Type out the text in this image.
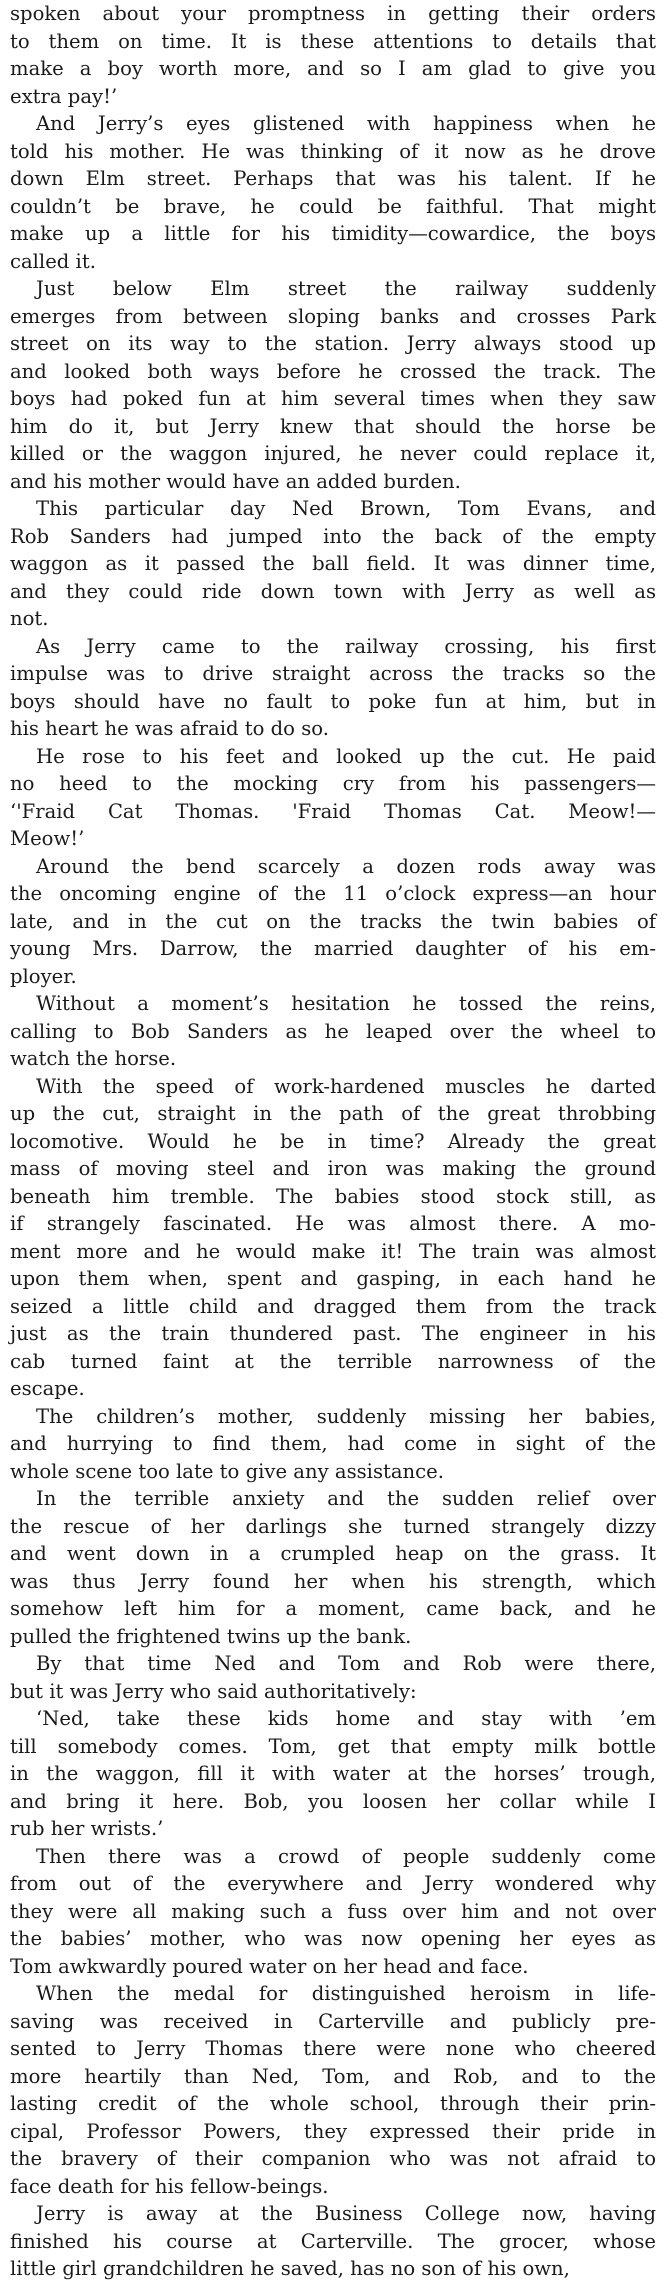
spoken about your promptness in getting their orders
to them on time. It is these attentions to details that
make a boy worth more, and so I am glad to give you
extra pay!’
And Jerry’s eyes glistened with happiness when he
told his mother. He was thinking of it now as he drove
down Elm street. Perhaps that was his talent. If he
couldn’t be brave, he could be faithful. That might
make up a little for his timidity—cowardice, the boys
called it.
Just below Elm street the railway suddenly
emerges from between sloping banks and crosses Park
street on its way to the station. Jerry always stood up
and looked both ways before he crossed the track. The
boys had poked fun at him several times when they saw
him do it, but Jerry knew that should the horse be
killed or the waggon injured, he never could replace it,
and his mother would have an added burden.
This particular day Ned Brown, Tom Evans, and
Rob Sanders had jumped into the back of the empty
waggon as it passed the ball field. It was dinner time,
and they could ride down town with Jerry as well as
not.
As Jerry came to the railway crossing, his first
impulse was to drive straight across the tracks so the
boys should have no fault to poke fun at him, but in
his heart he was afraid to do so.
He rose to his feet and looked up the cut. He paid
no heed to the mocking cry from his passengers—
‘'Fraid Cat Thomas. 'Fraid Thomas Cat. Meow!—
Meow!’
Around the bend scarcely a dozen rods away was
the oncoming engine of the 11 o’clock express—an hour
late, and in the cut on the tracks the twin babies of
young Mrs. Darrow, the married daughter of his em-
ployer.
Without a moment’s hesitation he tossed the reins,
calling to Bob Sanders as he leaped over the wheel to
watch the horse.
With the speed of work-hardened muscles he darted
up the cut, straight in the path of the great throbbing
locomotive. Would he be in time? Already the great
mass of moving steel and iron was making the ground
beneath him tremble. The babies stood stock still, as
if strangely fascinated. He was almost there. A mo-
ment more and he would make it! The train was almost
upon them when, spent and gasping, in each hand he
seized a little child and dragged them from the track
just as the train thundered past. The engineer in his
cab turned faint at the terrible narrowness of the
escape.
The children’s mother, suddenly missing her babies,
and hurrying to find them, had come in sight of the
whole scene too late to give any assistance.
In the terrible anxiety and the sudden relief over
the rescue of her darlings she turned strangely dizzy
and went down in a crumpled heap on the grass. It
was thus Jerry found her when his strength, which
somehow left him for a moment, came back, and he
pulled the frightened twins up the bank.
By that time Ned and Tom and Rob were there,
but it was Jerry who said authoritatively:
‘Ned, take these kids home and stay with ’em
till somebody comes. Tom, get that empty milk bottle
in the waggon, fill it with water at the horses’ trough,
and bring it here. Bob, you loosen her collar while I
rub her wrists.’
Then there was a crowd of people suddenly come
from out of the everywhere and Jerry wondered why
they were all making such a fuss over him and not over
the babies’ mother, who was now opening her eyes as
Tom awkwardly poured water on her head and face.
When the medal for distinguished heroism in life-
saving was received in Carterville and publicly pre-
sented to Jerry Thomas there were none who cheered
more heartily than Ned, Tom, and Rob, and to the
lasting credit of the whole school, through their prin-
cipal, Professor Powers, they expressed their pride in
the bravery of their companion who was not afraid to
face death for his fellow-beings.
Jerry is away at the Business College now, having
finished his course at Carterville. The grocer, whose
little girl grandchildren he saved, has no son of his own,
